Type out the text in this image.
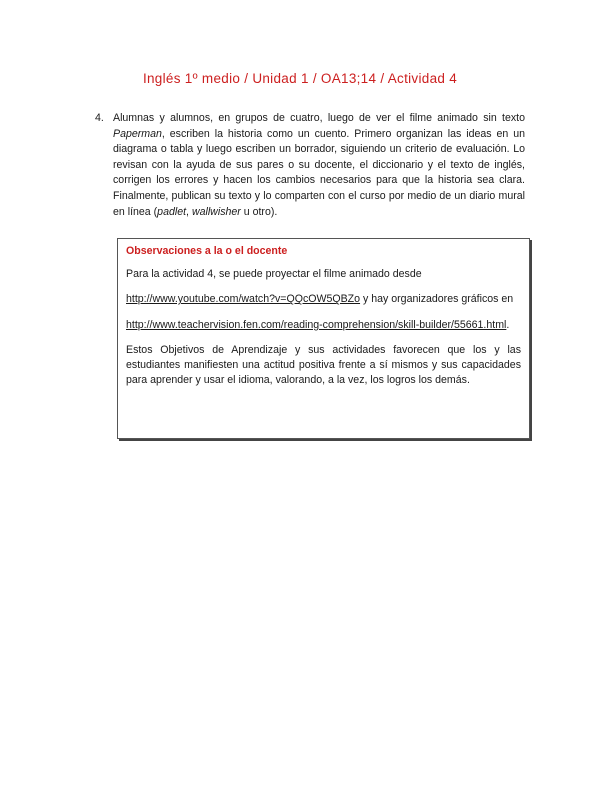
Inglés 1º medio / Unidad 1 / OA13;14 / Actividad 4
4. Alumnas y alumnos, en grupos de cuatro, luego de ver el filme animado sin texto Paperman, escriben la historia como un cuento. Primero organizan las ideas en un diagrama o tabla y luego escriben un borrador, siguiendo un criterio de evaluación. Lo revisan con la ayuda de sus pares o su docente, el diccionario y el texto de inglés, corrigen los errores y hacen los cambios necesarios para que la historia sea clara. Finalmente, publican su texto y lo comparten con el curso por medio de un diario mural en línea (padlet, wallwisher u otro).
Observaciones a la o el docente

Para la actividad 4, se puede proyectar el filme animado desde

http://www.youtube.com/watch?v=QQcOW5QBZo y hay organizadores gráficos en

http://www.teachervision.fen.com/reading-comprehension/skill-builder/55661.html.

Estos Objetivos de Aprendizaje y sus actividades favorecen que los y las estudiantes manifiesten una actitud positiva frente a sí mismos y sus capacidades para aprender y usar el idioma, valorando, a la vez, los logros los demás.
